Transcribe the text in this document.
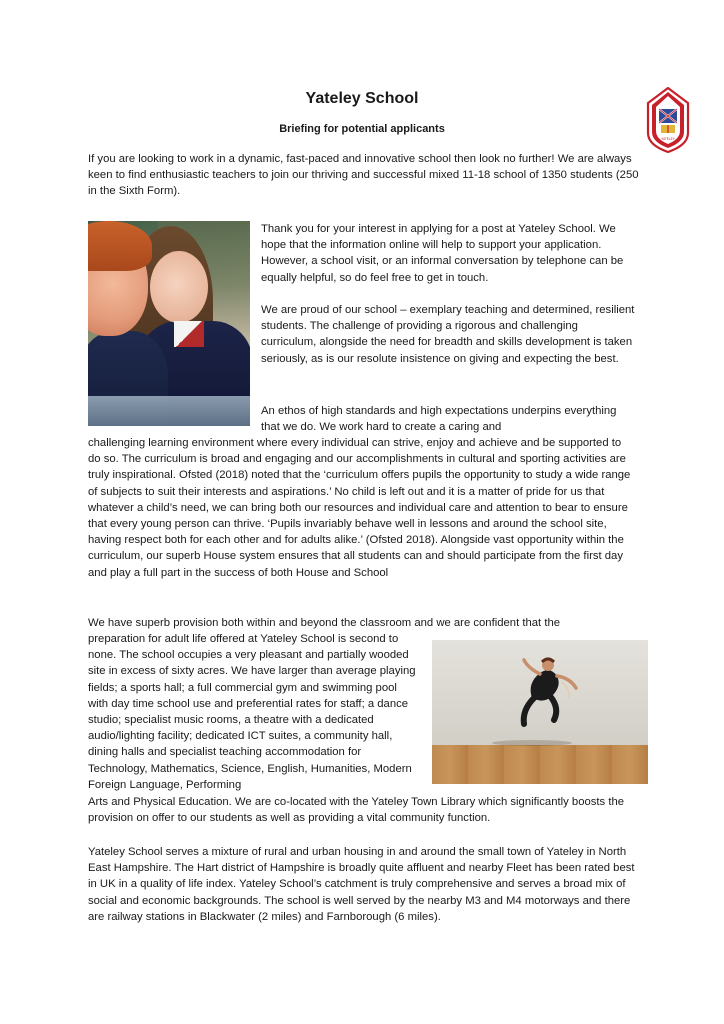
YATELEY
Yateley School
Briefing for potential applicants

If you are looking to work in a dynamic, fast-paced and innovative school then look no further! We are always keen to find enthusiastic teachers to join our thriving and successful mixed 11-18 school of 1350 students (250 in the Sixth Form).

Thank you for your interest in applying for a post at Yateley School. We hope that the information online will help to support your application. However, a school visit, or an informal conversation by telephone can be equally helpful, so do feel free to get in touch.

We are proud of our school – exemplary teaching and determined, resilient students. The challenge of providing a rigorous and challenging curriculum, alongside the need for breadth and skills development is taken seriously, as is our resolute insistence on giving and expecting the best.

An ethos of high standards and high expectations underpins everything that we do. We work hard to create a caring and

challenging learning environment where every individual can strive, enjoy and achieve and be supported to do so. The curriculum is broad and engaging and our accomplishments in cultural and sporting activities are truly inspirational. Ofsted (2018) noted that the ‘curriculum offers pupils the opportunity to study a wide range of subjects to suit their interests and aspirations.’ No child is left out and it is a matter of pride for us that whatever a child’s need, we can bring both our resources and individual care and attention to bear to ensure that every young person can thrive. ‘Pupils invariably behave well in lessons and around the school site, having respect both for each other and for adults alike.’ (Ofsted 2018). Alongside vast opportunity within the curriculum, our superb House system ensures that all students can and should participate from the first day and play a full part in the success of both House and School

We have superb provision both within and beyond the classroom and we are confident that the

preparation for adult life offered at Yateley School is second to none. The school occupies a very pleasant and partially wooded site in excess of sixty acres. We have larger than average playing fields; a sports hall; a full commercial gym and swimming pool with day time school use and preferential rates for staff; a dance studio; specialist music rooms, a theatre with a dedicated audio/lighting facility; dedicated ICT suites, a community hall, dining halls and specialist teaching accommodation for Technology, Mathematics, Science, English, Humanities, Modern Foreign Language, Performing

Arts and Physical Education. We are co-located with the Yateley Town Library which significantly boosts the provision on offer to our students as well as providing a vital community function.

Yateley School serves a mixture of rural and urban housing in and around the small town of Yateley in North East Hampshire. The Hart district of Hampshire is broadly quite affluent and nearby Fleet has been rated best in UK in a quality of life index. Yateley School’s catchment is truly comprehensive and serves a broad mix of social and economic backgrounds. The school is well served by the nearby M3 and M4 motorways and there are railway stations in Blackwater (2 miles) and Farnborough (6 miles).
